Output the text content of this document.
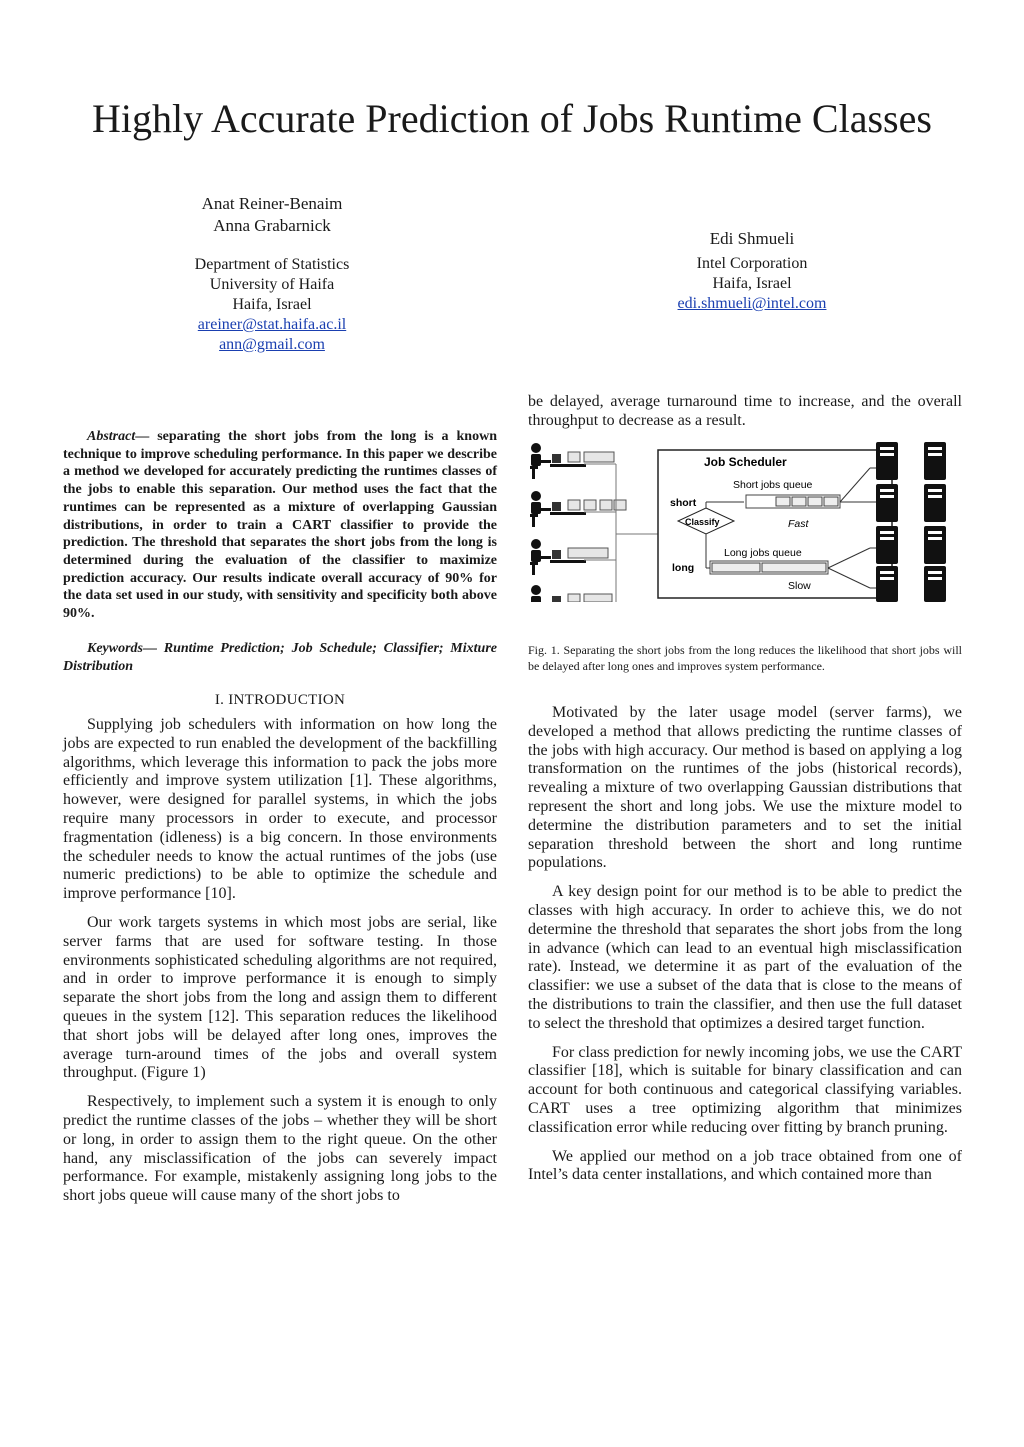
Highly Accurate Prediction of Jobs Runtime Classes
Anat Reiner-Benaim
Anna Grabarnick
Department of Statistics
University of Haifa
Haifa, Israel
areiner@stat.haifa.ac.il
ann@gmail.com
Edi Shmueli
Intel Corporation
Haifa, Israel
edi.shmueli@intel.com
Abstract— separating the short jobs from the long is a known technique to improve scheduling performance. In this paper we describe a method we developed for accurately predicting the runtimes classes of the jobs to enable this separation. Our method uses the fact that the runtimes can be represented as a mixture of overlapping Gaussian distributions, in order to train a CART classifier to provide the prediction. The threshold that separates the short jobs from the long is determined during the evaluation of the classifier to maximize prediction accuracy. Our results indicate overall accuracy of 90% for the data set used in our study, with sensitivity and specificity both above 90%.
Keywords— Runtime Prediction; Job Schedule; Classifier; Mixture Distribution
I. INTRODUCTION

Supplying job schedulers with information on how long the jobs are expected to run enabled the development of the backfilling algorithms, which leverage this information to pack the jobs more efficiently and improve system utilization [1]. These algorithms, however, were designed for parallel systems, in which the jobs require many processors in order to execute, and processor fragmentation (idleness) is a big concern. In those environments the scheduler needs to know the actual runtimes of the jobs (use numeric predictions) to be able to optimize the schedule and improve performance [10].

Our work targets systems in which most jobs are serial, like server farms that are used for software testing. In those environments sophisticated scheduling algorithms are not required, and in order to improve performance it is enough to simply separate the short jobs from the long and assign them to different queues in the system [12]. This separation reduces the likelihood that short jobs will be delayed after long ones, improves the average turn-around times of the jobs and overall system throughput. (Figure 1)

Respectively, to implement such a system it is enough to only predict the runtime classes of the jobs – whether they will be short or long, in order to assign them to the right queue. On the other hand, any misclassification of the jobs can severely impact performance. For example, mistakenly assigning long jobs to the short jobs queue will cause many of the short jobs to

be delayed, average turnaround time to increase, and the overall throughput to decrease as a result.

Job Scheduler
Short jobs queue
short
Classify	Fast
Long jobs queue
long
Slow
Fig. 1. Separating the short jobs from the long reduces the likelihood that short jobs will be delayed after long ones and improves system performance.

Motivated by the later usage model (server farms), we developed a method that allows predicting the runtime classes of the jobs with high accuracy. Our method is based on applying a log transformation on the runtimes of the jobs (historical records), revealing a mixture of two overlapping Gaussian distributions that represent the short and long jobs. We use the mixture model to determine the distribution parameters and to set the initial separation threshold between the short and long runtime populations.

A key design point for our method is to be able to predict the classes with high accuracy. In order to achieve this, we do not determine the threshold that separates the short jobs from the long in advance (which can lead to an eventual high misclassification rate). Instead, we determine it as part of the evaluation of the classifier: we use a subset of the data that is close to the means of the distributions to train the classifier, and then use the full dataset to select the threshold that optimizes a desired target function.

For class prediction for newly incoming jobs, we use the CART classifier [18], which is suitable for binary classification and can account for both continuous and categorical classifying variables. CART uses a tree optimizing algorithm that minimizes classification error while reducing over fitting by branch pruning.

We applied our method on a job trace obtained from one of Intel’s data center installations, and which contained more than
